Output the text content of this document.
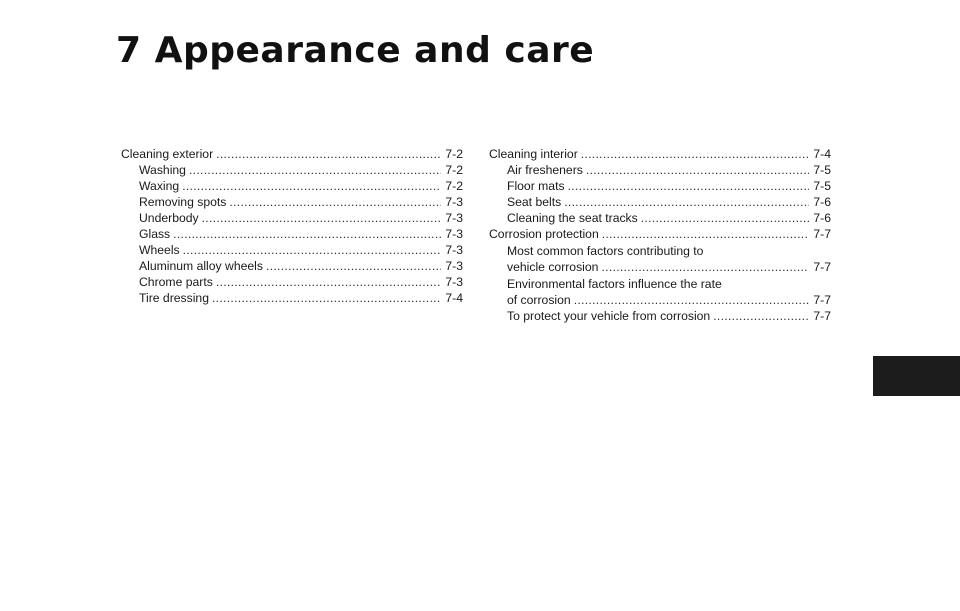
7 Appearance and care
Cleaning exterior .....	7-2
Washing .....	7-2
Waxing .....	7-2
Removing spots .....	7-3
Underbody .....	7-3
Glass .....	7-3
Wheels .....	7-3
Aluminum alloy wheels .....	7-3
Chrome parts .....	7-3
Tire dressing .....	7-4
Cleaning interior .....	7-4
Air fresheners .....	7-5
Floor mats .....	7-5
Seat belts .....	7-6
Cleaning the seat tracks .....	7-6
Corrosion protection .....	7-7
Most common factors contributing to
vehicle corrosion .....	7-7
Environmental factors influence the rate
of corrosion .....	7-7
To protect your vehicle from corrosion .....	7-7
